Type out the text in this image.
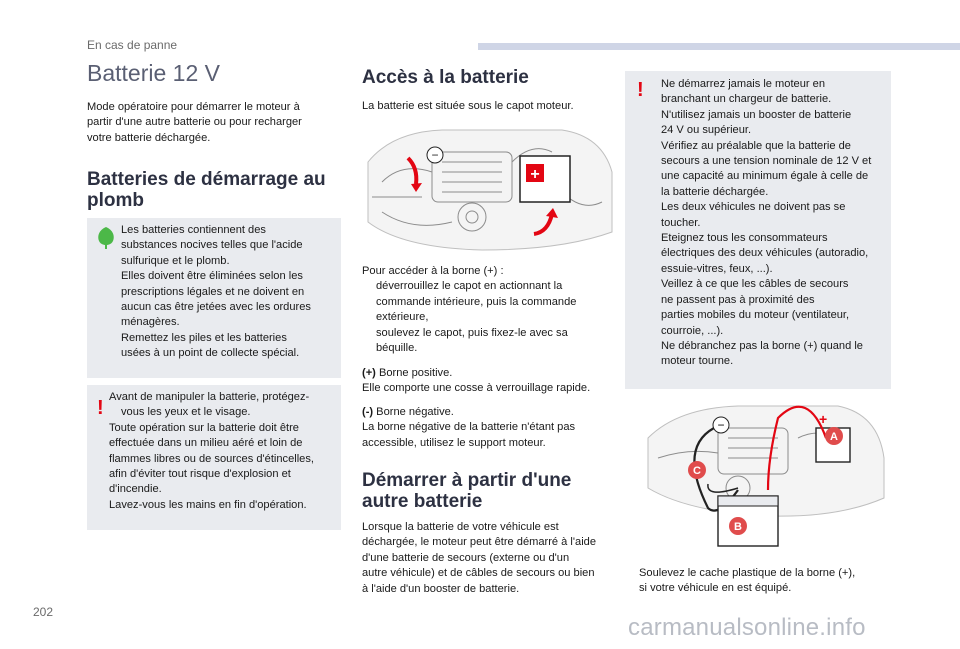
En cas de panne
202
carmanualsonline.info
Batterie 12 V
Mode opératoire pour démarrer le moteur à
partir d'une autre batterie ou pour recharger
votre batterie déchargée.
Batteries de démarrage au
plomb
Les batteries contiennent des
substances nocives telles que l'acide
sulfurique et le plomb.
Elles doivent être éliminées selon les
prescriptions légales et ne doivent en
aucun cas être jetées avec les ordures
ménagères.
Remettez les piles et les batteries
usées à un point de collecte spécial.
! Avant de manipuler la batterie, protégez-
vous les yeux et le visage.
Toute opération sur la batterie doit être
effectuée dans un milieu aéré et loin de
flammes libres ou de sources d'étincelles,
afin d'éviter tout risque d'explosion et
d'incendie.
Lavez-vous les mains en fin d'opération.
Accès à la batterie
La batterie est située sous le capot moteur.
+
−
Pour accéder à la borne (+) :
déverrouillez le capot en actionnant la
commande intérieure, puis la commande
extérieure,
soulevez le capot, puis fixez-le avec sa
béquille.
(+) Borne positive.
Elle comporte une cosse à verrouillage rapide.
(-) Borne négative.
La borne négative de la batterie n'étant pas
accessible, utilisez le support moteur.
Démarrer à partir d'une
autre batterie
Lorsque la batterie de votre véhicule est
déchargée, le moteur peut être démarré à l'aide
d'une batterie de secours (externe ou d'un
autre véhicule) et de câbles de secours ou bien
à l'aide d'un booster de batterie.
! Ne démarrez jamais le moteur en
branchant un chargeur de batterie.
N'utilisez jamais un booster de batterie
24 V ou supérieur.
Vérifiez au préalable que la batterie de
secours a une tension nominale de 12 V et
une capacité au minimum égale à celle de
la batterie déchargée.
Les deux véhicules ne doivent pas se
toucher.
Eteignez tous les consommateurs
électriques des deux véhicules (autoradio,
essuie-vitres, feux, ...).
Veillez à ce que les câbles de secours
ne passent pas à proximité des
parties mobiles du moteur (ventilateur,
courroie, ...).
Ne débranchez pas la borne (+) quand le
moteur tourne.
−	+
A
B
C
Soulevez le cache plastique de la borne (+),
si votre véhicule en est équipé.
